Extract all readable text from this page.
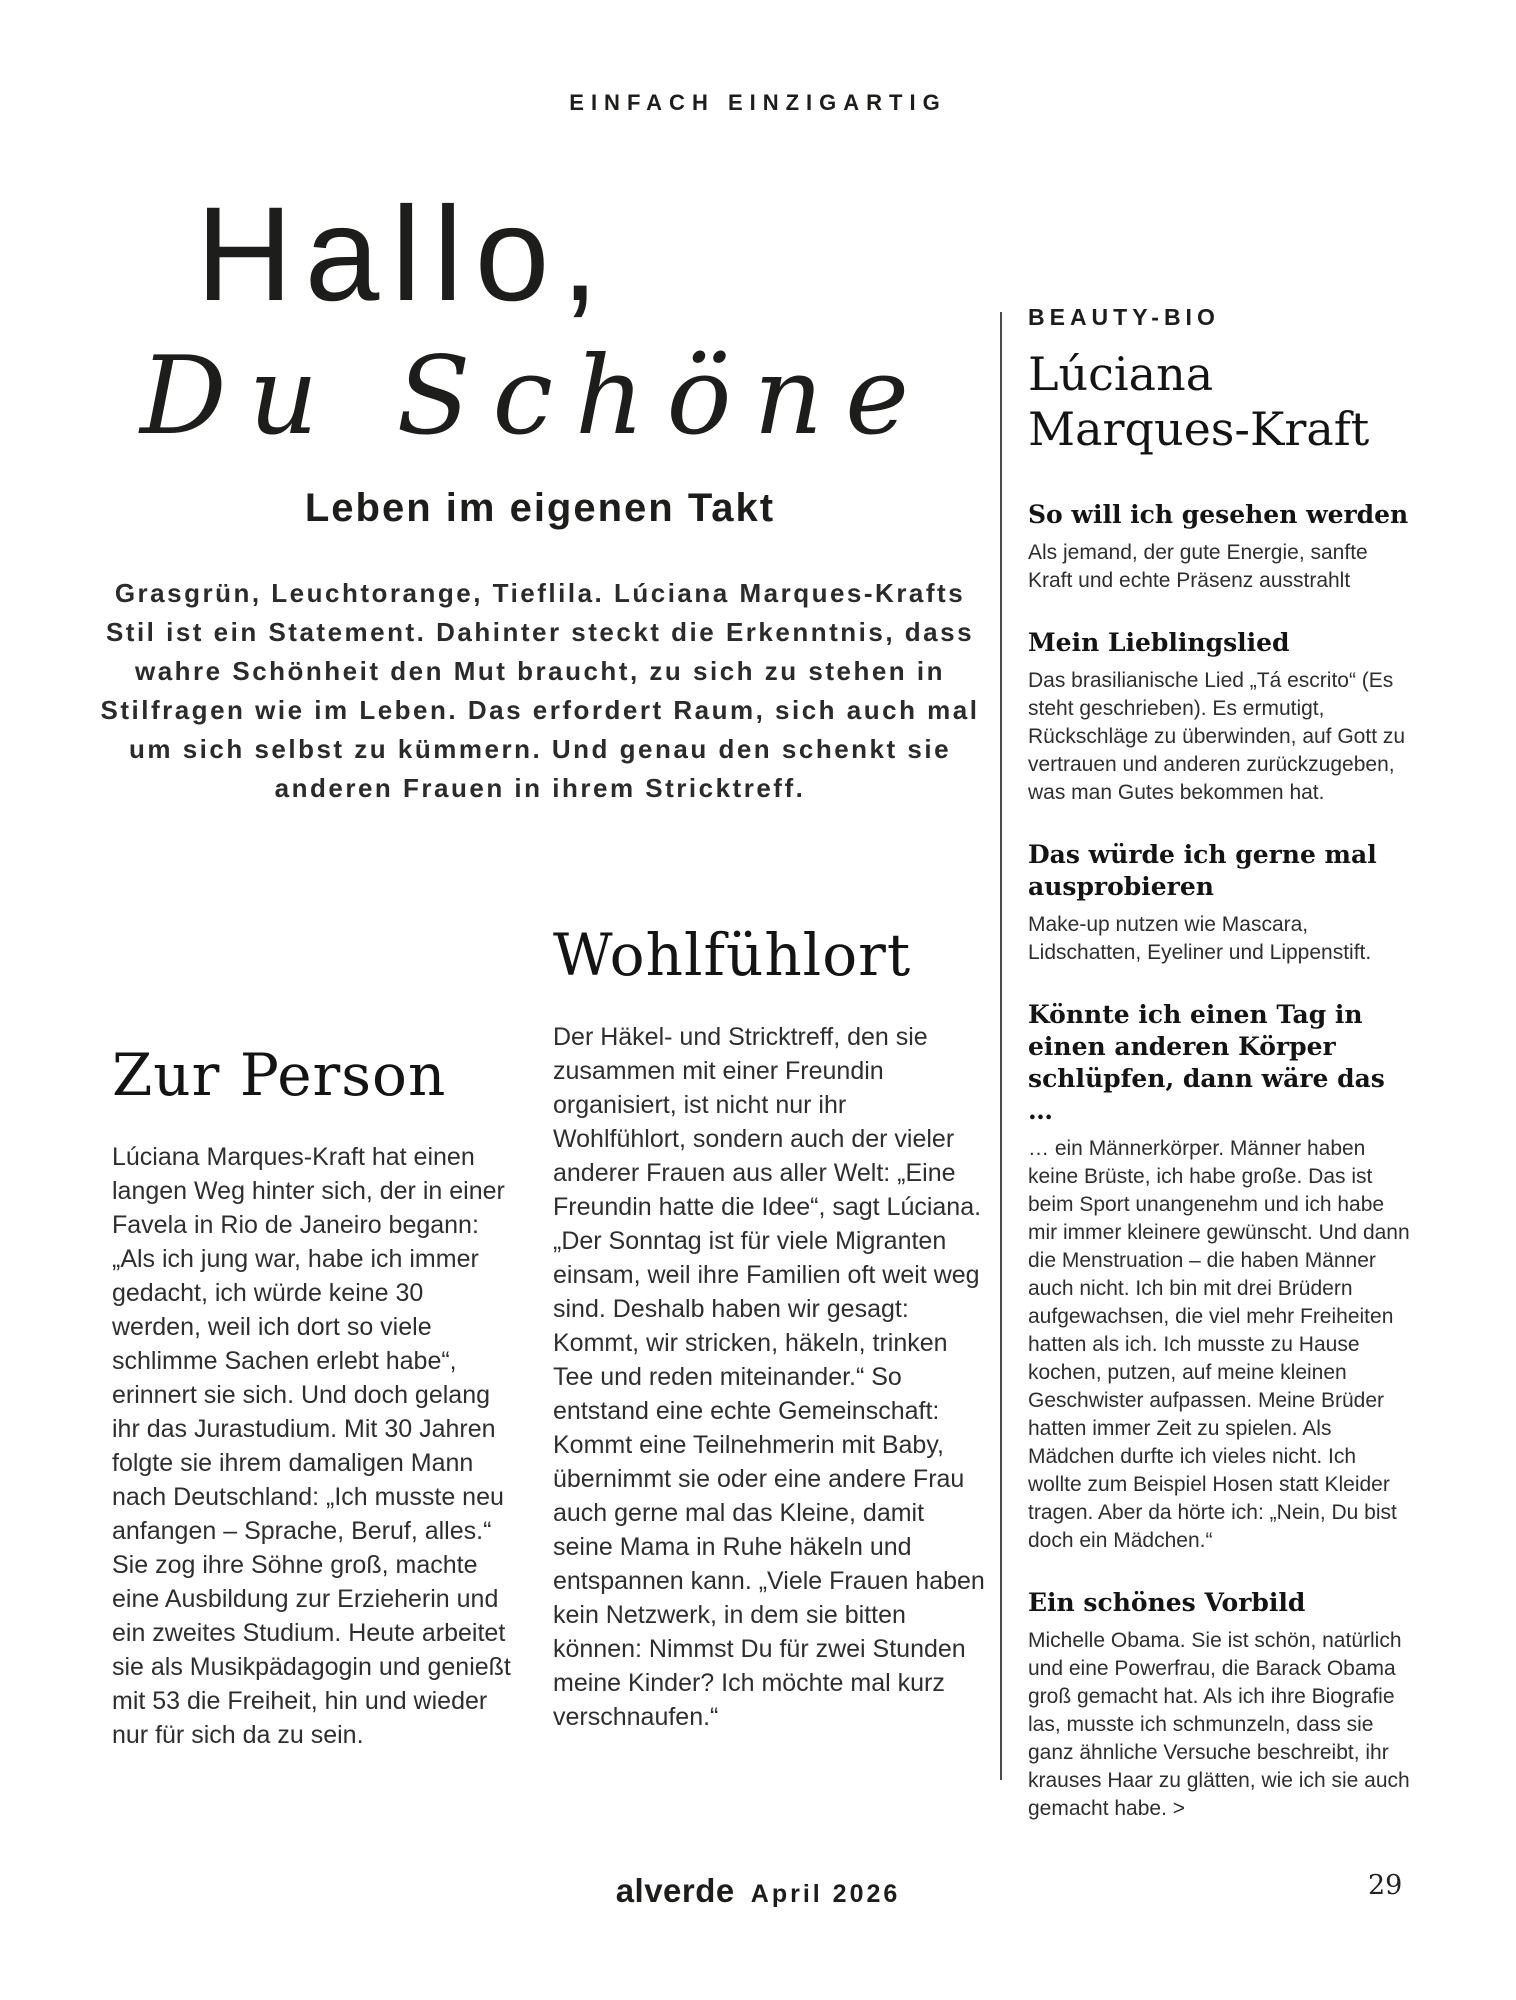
EINFACH EINZIGARTIG
Hallo,
Du Schöne
Leben im eigenen Takt

Grasgrün, Leuchtorange, Tieflila. Lúciana Marques-Krafts Stil ist ein Statement. Dahinter steckt die Erkenntnis, dass wahre Schönheit den Mut braucht, zu sich zu stehen in Stilfragen wie im Leben. Das erfordert Raum, sich auch mal um sich selbst zu kümmern. Und genau den schenkt sie anderen Frauen in ihrem Stricktreff.

Zur Person

Lúciana Marques-Kraft hat einen langen Weg hinter sich, der in einer Favela in Rio de Janeiro begann: „Als ich jung war, habe ich immer gedacht, ich würde keine 30 werden, weil ich dort so viele schlimme Sachen erlebt habe“, erinnert sie sich. Und doch gelang ihr das Jurastudium. Mit 30 Jahren folgte sie ihrem damaligen Mann nach Deutschland: „Ich musste neu anfangen – Sprache, Beruf, alles.“ Sie zog ihre Söhne groß, machte eine Ausbildung zur Erzieherin und ein zweites Studium. Heute arbeitet sie als Musikpädagogin und genießt mit 53 die Freiheit, hin und wieder nur für sich da zu sein.

Wohlfühlort

Der Häkel- und Stricktreff, den sie zusammen mit einer Freundin organisiert, ist nicht nur ihr Wohlfühlort, sondern auch der vieler anderer Frauen aus aller Welt: „Eine Freundin hatte die Idee“, sagt Lúciana. „Der Sonntag ist für viele Migranten einsam, weil ihre Familien oft weit weg sind. Deshalb haben wir gesagt: Kommt, wir stricken, häkeln, trinken Tee und reden miteinander.“ So entstand eine echte Gemeinschaft: Kommt eine Teilnehmerin mit Baby, übernimmt sie oder eine andere Frau auch gerne mal das Kleine, damit seine Mama in Ruhe häkeln und entspannen kann. „Viele Frauen haben kein Netzwerk, in dem sie bitten können: Nimmst Du für zwei Stunden meine Kinder? Ich möchte mal kurz verschnaufen.“

BEAUTY-BIO
Lúciana
Marques-Kraft
So will ich gesehen werden

Als jemand, der gute Energie, sanfte Kraft und echte Präsenz ausstrahlt

Mein Lieblingslied

Das brasilianische Lied „Tá escrito“ (Es steht geschrieben). Es ermutigt, Rückschläge zu überwinden, auf Gott zu vertrauen und anderen zurückzugeben, was man Gutes bekommen hat.

Das würde ich gerne mal ausprobieren

Make-up nutzen wie Mascara, Lidschatten, Eyeliner und Lippenstift.

Könnte ich einen Tag in einen anderen Körper schlüpfen, dann wäre das …

… ein Männerkörper. Männer haben keine Brüste, ich habe große. Das ist beim Sport unangenehm und ich habe mir immer kleinere gewünscht. Und dann die Menstruation – die haben Männer auch nicht. Ich bin mit drei Brüdern aufgewachsen, die viel mehr Freiheiten hatten als ich. Ich musste zu Hause kochen, putzen, auf meine kleinen Geschwister aufpassen. Meine Brüder hatten immer Zeit zu spielen. Als Mädchen durfte ich vieles nicht. Ich wollte zum Beispiel Hosen statt Kleider tragen. Aber da hörte ich: „Nein, Du bist doch ein Mädchen.“

Ein schönes Vorbild

Michelle Obama. Sie ist schön, natürlich und eine Powerfrau, die Barack Obama groß gemacht hat. Als ich ihre Biografie las, musste ich schmunzeln, dass sie ganz ähnliche Versuche beschreibt, ihr krauses Haar zu glätten, wie ich sie auch gemacht habe. >

alverde April 2026	29
